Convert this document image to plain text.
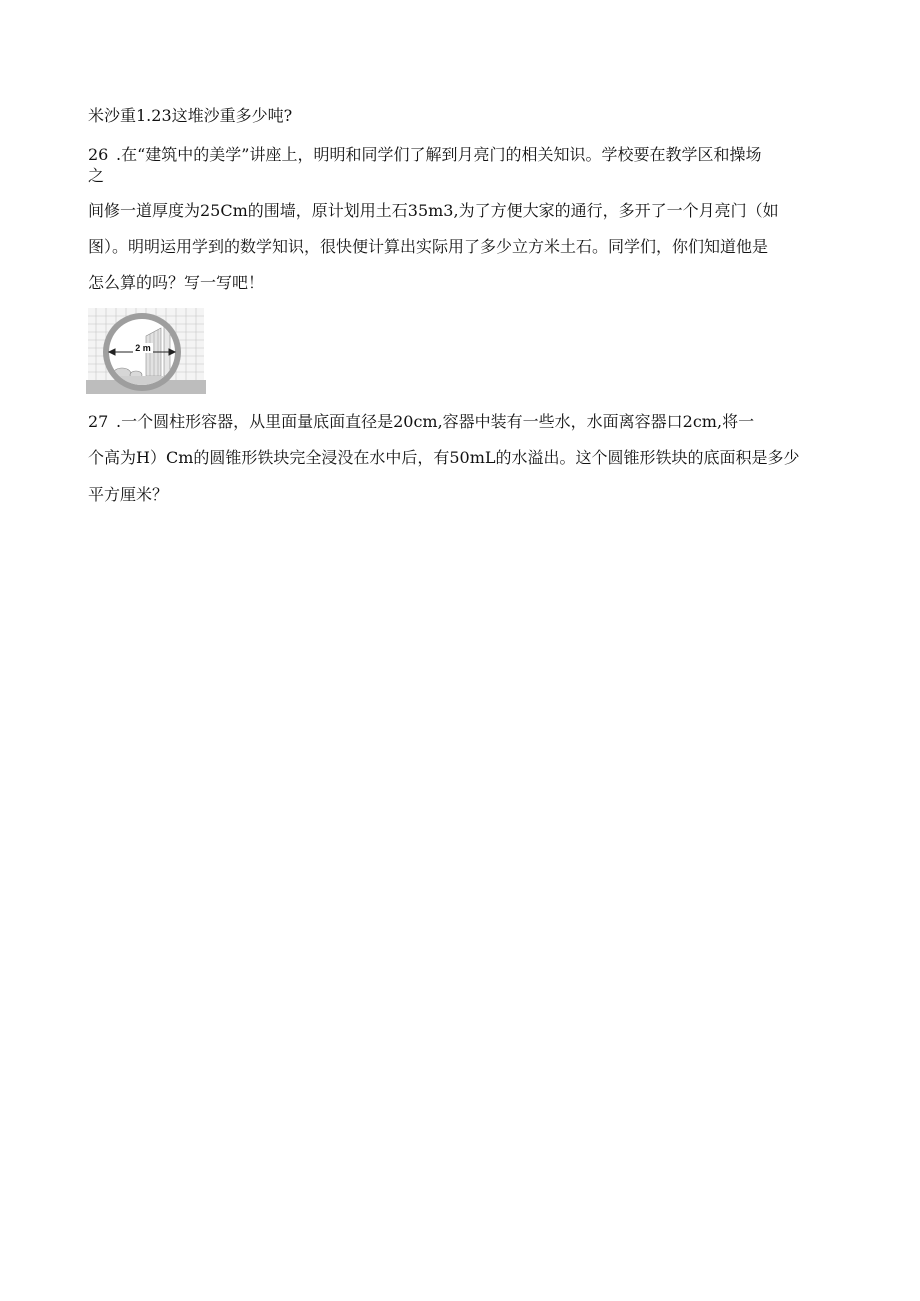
米沙重1.23这堆沙重多少吨?
26 .在“建筑中的美学”讲座上，明明和同学们了解到月亮门的相关知识。学校要在教学区和操场
之
间修一道厚度为25Cm的围墙，原计划用土石35m3,为了方便大家的通行，多开了一个月亮门（如
图）。明明运用学到的数学知识，很快便计算出实际用了多少立方米土石。同学们，你们知道他是
怎么算的吗？写一写吧！
2 m
27 .一个圆柱形容器，从里面量底面直径是20cm,容器中装有一些水，水面离容器口2cm,将一
个高为H）Cm的圆锥形铁块完全浸没在水中后，有50mL的水溢出。这个圆锥形铁块的底面积是多少
平方厘米？
